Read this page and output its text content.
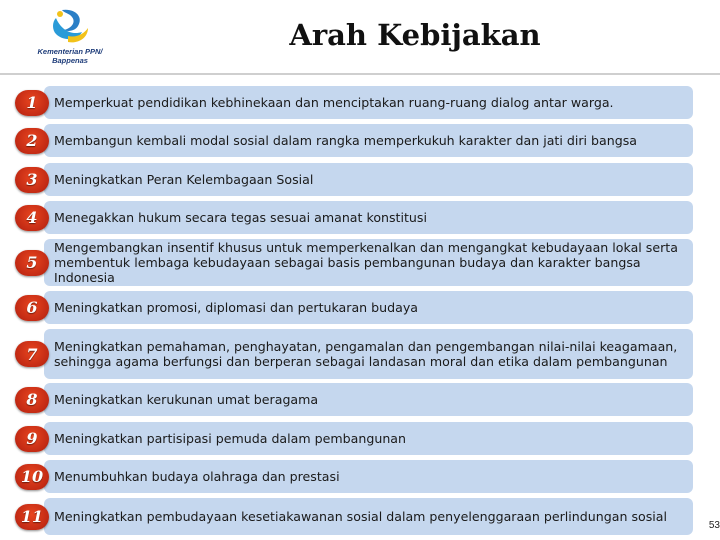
Kementerian PPN/
Bappenas
Arah Kebijakan
Memperkuat pendidikan kebhinekaan dan menciptakan ruang-ruang dialog antar warga.
1
Membangun kembali modal sosial dalam rangka memperkukuh karakter dan jati diri bangsa
2
Meningkatkan Peran Kelembagaan Sosial
3
Menegakkan hukum secara tegas sesuai amanat konstitusi
4
Mengembangkan insentif khusus untuk memperkenalkan dan mengangkat kebudayaan lokal serta membentuk lembaga kebudayaan sebagai basis pembangunan budaya dan karakter bangsa Indonesia
5
Meningkatkan promosi, diplomasi dan pertukaran budaya
6
Meningkatkan pemahaman, penghayatan, pengamalan dan pengembangan nilai-nilai keagamaan, sehingga agama berfungsi dan berperan sebagai landasan moral dan etika dalam pembangunan
7
Meningkatkan kerukunan umat beragama
8
Meningkatkan partisipasi pemuda dalam pembangunan
9
Menumbuhkan budaya olahraga dan prestasi
10
Meningkatkan pembudayaan kesetiakawanan sosial dalam penyelenggaraan perlindungan sosial
11	53
